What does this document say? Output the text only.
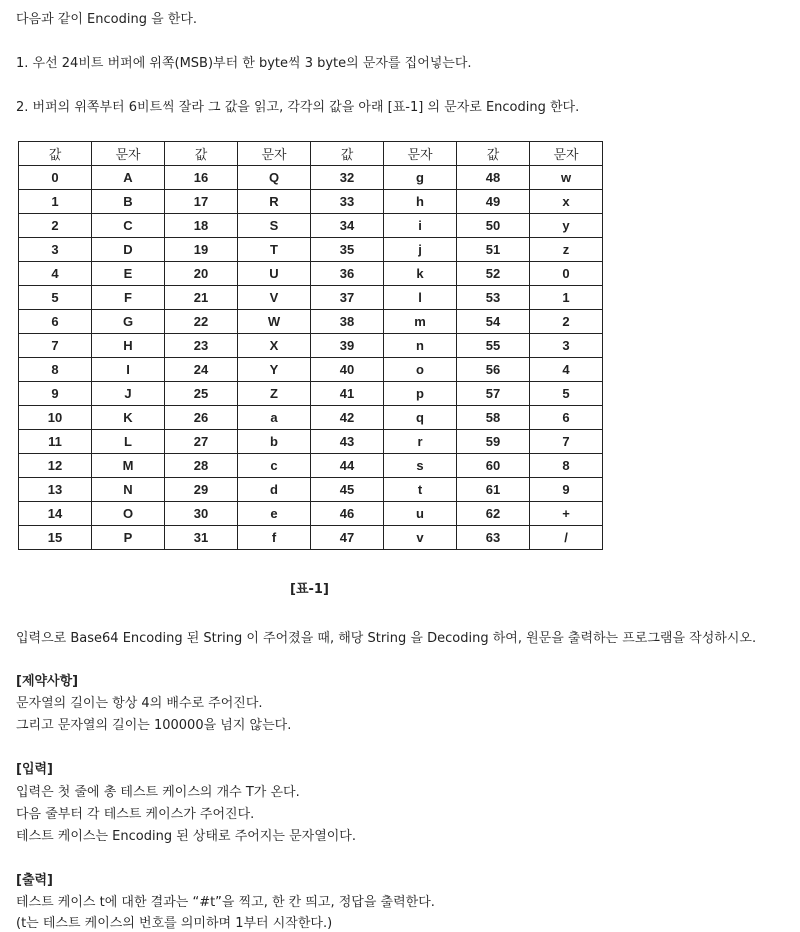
다음과 같이 Encoding 을 한다.
1. 우선 24비트 버퍼에 위쪽(MSB)부터 한 byte씩 3 byte의 문자를 집어넣는다.
2. 버퍼의 위쪽부터 6비트씩 잘라 그 값을 읽고, 각각의 값을 아래 [표-1] 의 문자로 Encoding 한다.
값	문자	값	문자	값	문자	값	문자
0	A	16	Q	32	g	48	w
1	B	17	R	33	h	49	x
2	C	18	S	34	i	50	y
3	D	19	T	35	j	51	z
4	E	20	U	36	k	52	0
5	F	21	V	37	l	53	1
6	G	22	W	38	m	54	2
7	H	23	X	39	n	55	3
8	I	24	Y	40	o	56	4
9	J	25	Z	41	p	57	5
10	K	26	a	42	q	58	6
11	L	27	b	43	r	59	7
12	M	28	c	44	s	60	8
13	N	29	d	45	t	61	9
14	O	30	e	46	u	62	+
15	P	31	f	47	v	63	/
[표-1]
입력으로 Base64 Encoding 된 String 이 주어졌을 때, 해당 String 을 Decoding 하여, 원문을 출력하는 프로그램을 작성하시오.
[제약사항]
문자열의 길이는 항상 4의 배수로 주어진다.
그리고 문자열의 길이는 100000을 넘지 않는다.
[입력]
입력은 첫 줄에 총 테스트 케이스의 개수 T가 온다.
다음 줄부터 각 테스트 케이스가 주어진다.
테스트 케이스는 Encoding 된 상태로 주어지는 문자열이다.
[출력]
테스트 케이스 t에 대한 결과는 “#t”을 찍고, 한 칸 띄고, 정답을 출력한다.
(t는 테스트 케이스의 번호를 의미하며 1부터 시작한다.)
